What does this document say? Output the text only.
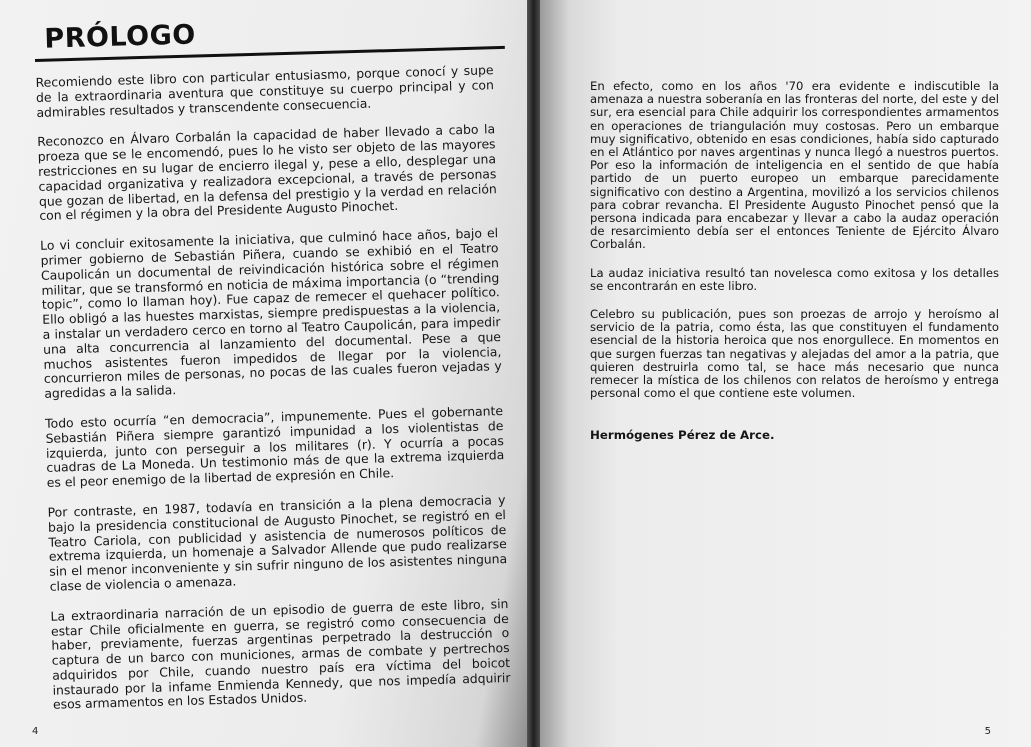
PRÓLOGO

Recomiendo este libro con particular entusiasmo, porque conocí y supe de la extraordinaria aventura que constituye su cuerpo principal y con admirables resultados y transcendente consecuencia.

Reconozco en Álvaro Corbalán la capacidad de haber llevado a cabo la proeza que se le encomendó, pues lo he visto ser objeto de las mayores restricciones en su lugar de encierro ilegal y, pese a ello, desplegar una capacidad organizativa y realizadora excepcional, a través de personas que gozan de libertad, en la defensa del prestigio y la verdad en relación con el régimen y la obra del Presidente Augusto Pinochet.

Lo vi concluir exitosamente la iniciativa, que culminó hace años, bajo el primer gobierno de Sebastián Piñera, cuando se exhibió en el Teatro Caupolicán un documental de reivindicación histórica sobre el régimen militar, que se transformó en noticia de máxima importancia (o “trending topic”, como lo llaman hoy). Fue capaz de remecer el quehacer político. Ello obligó a las huestes marxistas, siempre predispuestas a la violencia, a instalar un verdadero cerco en torno al Teatro Caupolicán, para impedir una alta concurrencia al lanzamiento del documental. Pese a que muchos asistentes fueron impedidos de llegar por la violencia, concurrieron miles de personas, no pocas de las cuales fueron vejadas y agredidas a la salida.

Todo esto ocurría “en democracia”, impunemente. Pues el gobernante Sebastián Piñera siempre garantizó impunidad a los violentistas de izquierda, junto con perseguir a los militares (r). Y ocurría a pocas cuadras de La Moneda. Un testimonio más de que la extrema izquierda es el peor enemigo de la libertad de expresión en Chile.

Por contraste, en 1987, todavía en transición a la plena democracia y bajo la presidencia constitucional de Augusto Pinochet, se registró en el Teatro Cariola, con publicidad y asistencia de numerosos políticos de extrema izquierda, un homenaje a Salvador Allende que pudo realizarse sin el menor inconveniente y sin sufrir ninguno de los asistentes ninguna clase de violencia o amenaza.

La extraordinaria narración de un episodio de guerra de este libro, sin estar Chile oficialmente en guerra, se registró como consecuencia de haber, previamente, fuerzas argentinas perpetrado la destrucción o captura de un barco con municiones, armas de combate y pertrechos adquiridos por Chile, cuando nuestro país era víctima del boicot instaurado por la infame Enmienda Kennedy, que nos impedía adquirir esos armamentos en los Estados Unidos.

4

En efecto, como en los años '70 era evidente e indiscutible la amenaza a nuestra soberanía en las fronteras del norte, del este y del sur, era esencial para Chile adquirir los correspondientes armamentos en operaciones de triangulación muy costosas. Pero un embarque muy significativo, obtenido en esas condiciones, había sido capturado en el Atlántico por naves argentinas y nunca llegó a nuestros puertos. Por eso la información de inteligencia en el sentido de que había partido de un puerto europeo un embarque parecidamente significativo con destino a Argentina, movilizó a los servicios chilenos para cobrar revancha. El Presidente Augusto Pinochet pensó que la persona indicada para encabezar y llevar a cabo la audaz operación de resarcimiento debía ser el entonces Teniente de Ejército Álvaro Corbalán.

La audaz iniciativa resultó tan novelesca como exitosa y los detalles se encontrarán en este libro.

Celebro su publicación, pues son proezas de arrojo y heroísmo al servicio de la patria, como ésta, las que constituyen el fundamento esencial de la historia heroica que nos enorgullece. En momentos en que surgen fuerzas tan negativas y alejadas del amor a la patria, que quieren destruirla como tal, se hace más necesario que nunca remecer la mística de los chilenos con relatos de heroísmo y entrega personal como el que contiene este volumen.

Hermógenes Pérez de Arce.
5
